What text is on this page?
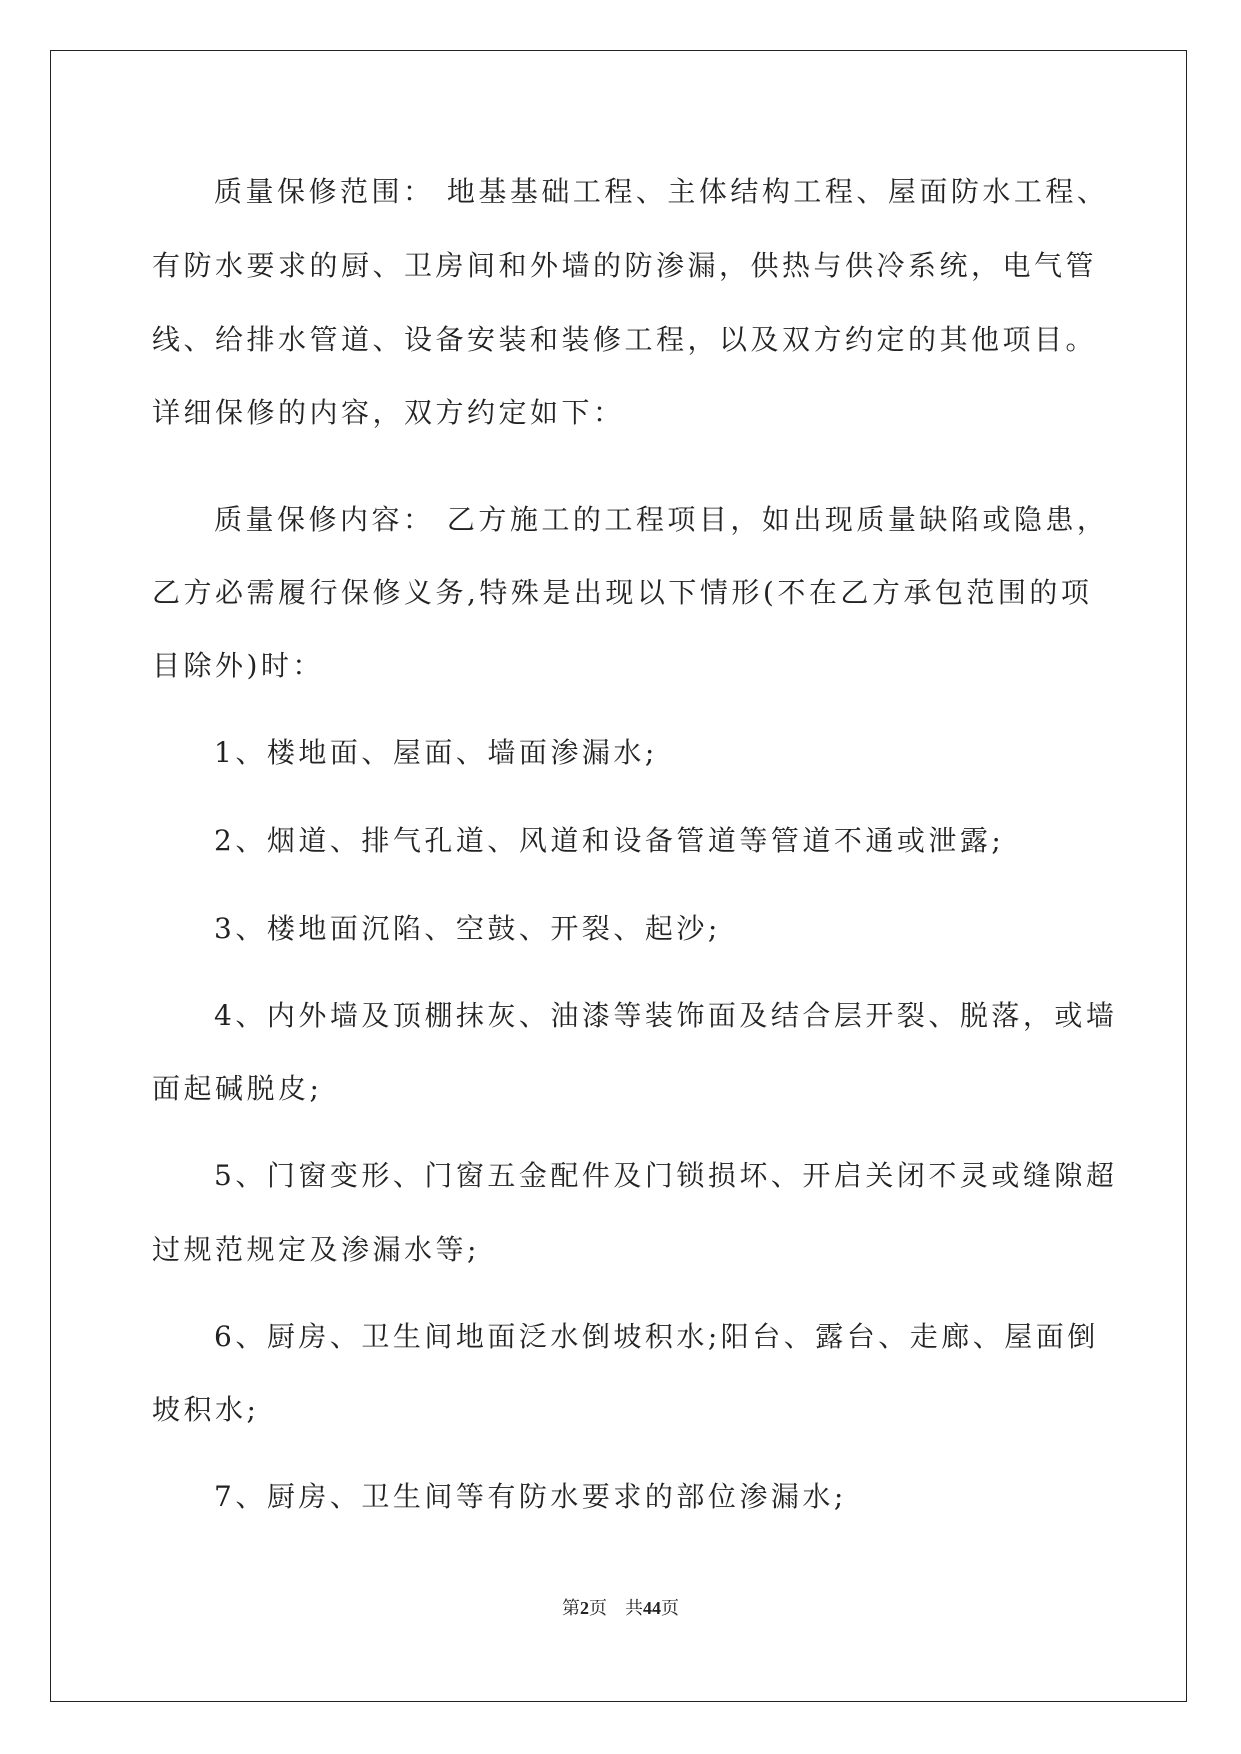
质量保修范围： 地基基础工程、主体结构工程、屋面防水工程、

有防水要求的厨、卫房间和外墙的防渗漏，供热与供冷系统，电气管

线、给排水管道、设备安装和装修工程，以及双方约定的其他项目。

详细保修的内容，双方约定如下：

质量保修内容： 乙方施工的工程项目，如出现质量缺陷或隐患，

乙方必需履行保修义务,特殊是出现以下情形(不在乙方承包范围的项

目除外)时：

1、楼地面、屋面、墙面渗漏水;

2、烟道、排气孔道、风道和设备管道等管道不通或泄露;

3、楼地面沉陷、空鼓、开裂、起沙;

4、内外墙及顶棚抹灰、油漆等装饰面及结合层开裂、脱落，或墙

面起碱脱皮;

5、门窗变形、门窗五金配件及门锁损坏、开启关闭不灵或缝隙超

过规范规定及渗漏水等;

6、厨房、卫生间地面泛水倒坡积水;阳台、露台、走廊、屋面倒

坡积水;

7、厨房、卫生间等有防水要求的部位渗漏水;

第2页　共44页
